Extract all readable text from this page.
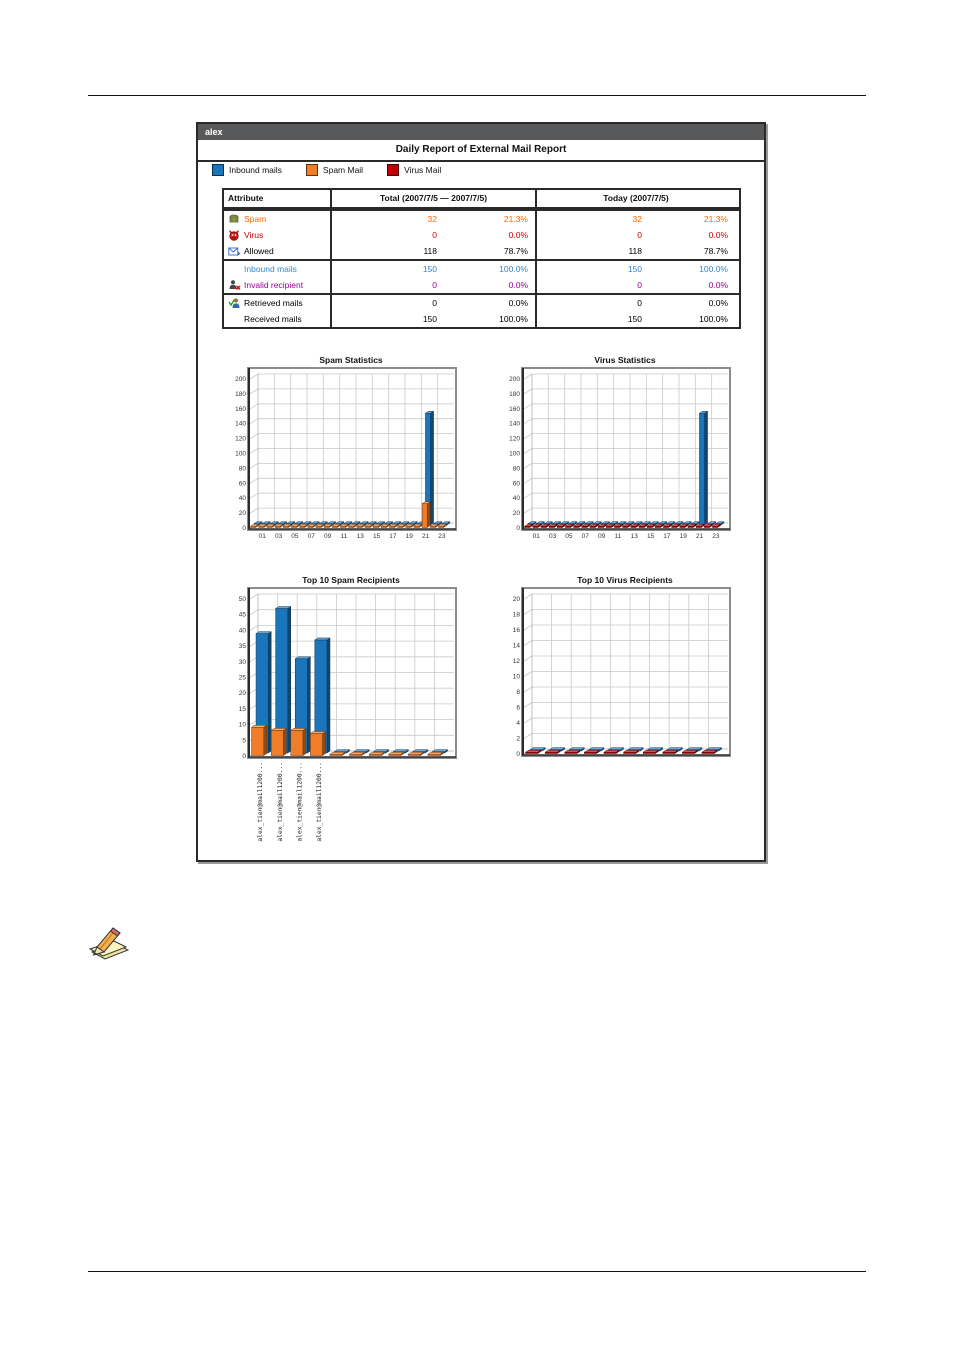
alex
Daily Report of External Mail Report
Inbound mails	Spam Mail	Virus Mail
Attribute	Total (2007/7/5 — 2007/7/5)	Today (2007/7/5)
Spam	32	21.3%	32	21.3%
Virus	0	0.0%	0	0.0%
Allowed	118	78.7%	118	78.7%
Inbound mails	150	100.0%	150	100.0%
Invalid recipient	0	0.0%	0	0.0%
Retrieved mails	0	0.0%	0	0.0%
Received mails	150	100.0%	150	100.0%
Spam Statistics
0
20
40
60
80
100
120
140
160
180
200
01 03 05 07 09 11 13 15 17 19 21 23
Virus Statistics
0
20
40
60
80
100
120
140
160
180
200
01 03 05 07 09 11 13 15 17 19 21 23
Top 10 Spam Recipients
0
5
10
15
20
25
30
35
40
45
50
alex_tien@mail1200... alex_tien@mail1200... alex_tien@mail1200... alex_tien@mail1200...
Top 10 Virus Recipients
0
2
4
6
8
10
12
14
16
18
20
